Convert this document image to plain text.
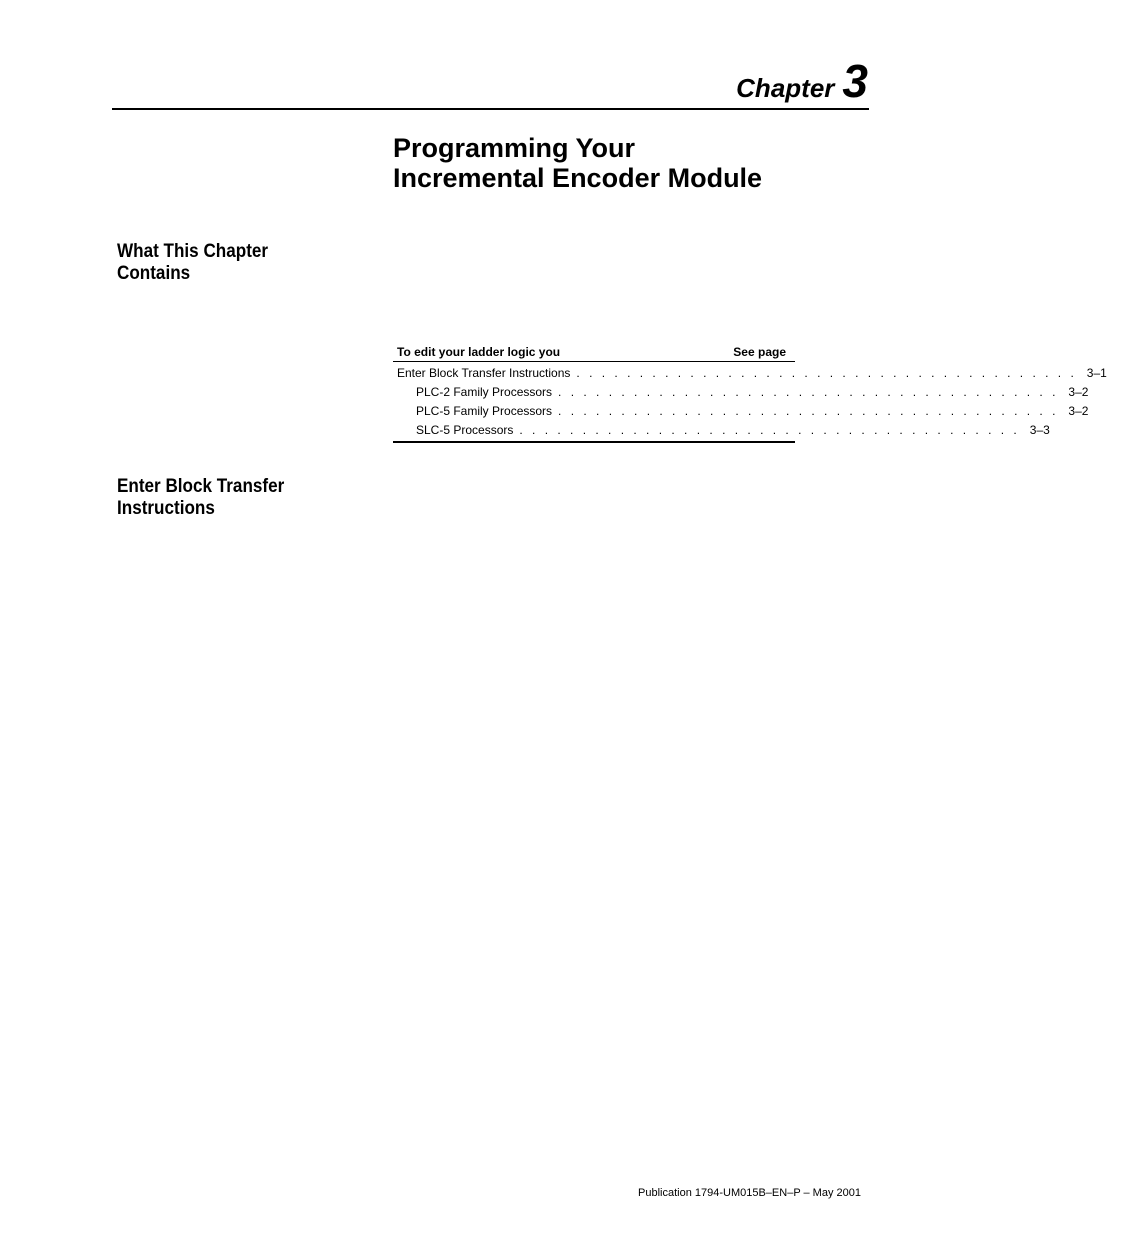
Chapter 3
Programming Your
Incremental Encoder Module
What This Chapter
Contains
To edit your ladder logic you	See page
Enter Block Transfer Instructions . . . . . . . . . . . . . . . . . . . . . . . . . . . . . . . . . . . . . . . . 3–1
PLC-2 Family Processors . . . . . . . . . . . . . . . . . . . . . . . . . . . . . . . . . . . . . . . . 3–2
PLC-5 Family Processors . . . . . . . . . . . . . . . . . . . . . . . . . . . . . . . . . . . . . . . . 3–2
SLC-5 Processors . . . . . . . . . . . . . . . . . . . . . . . . . . . . . . . . . . . . . . . . 3–3
Enter Block Transfer
Instructions
Publication 1794-UM015B–EN–P – May 2001
